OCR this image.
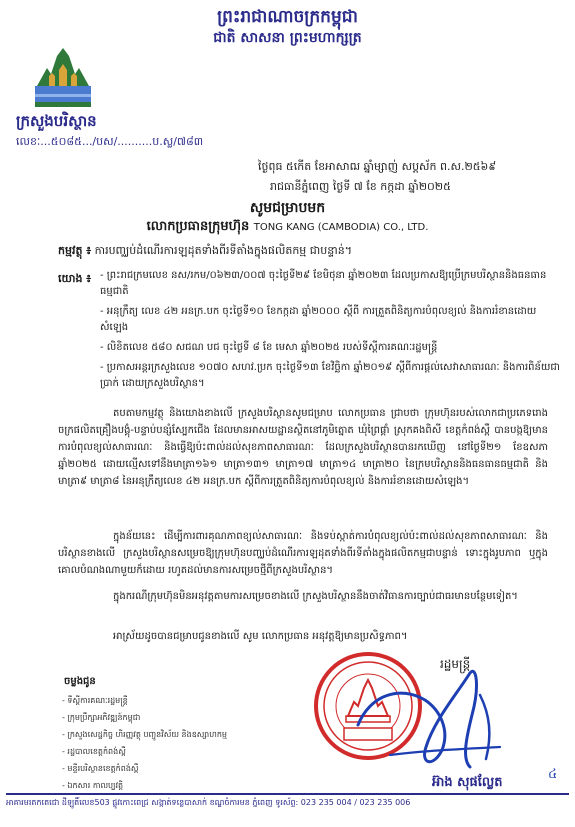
ព្រះរាជាណាចក្រកម្ពុជា
ជាតិ សាសនា ព្រះមហាក្សត្រ
ក្រសួងបរិស្ថាន
លេខៈ...៥០៨៥.../បស/..........ប.ស្ល/៧៨៣
ថ្ងៃពុធ ៥កើត ខែអាសាឍ ឆ្នាំម្សាញ់ សប្តស័ក ព.ស.២៥៦៩
រាជធានីភ្នំពេញ ថ្ងៃទី ៧ ខែ កក្កដា ឆ្នាំ២០២៥
សូមជម្រាបមក
លោកប្រធានក្រុមហ៊ុន TONG KANG (CAMBODIA) CO., LTD.
កម្មវត្ថុ ៖ ការបញ្ឈប់ដំណើរការឡដុតទាំងពីរទីតាំងក្នុងផលិតកម្ម ជាបន្ទាន់។
យោង ៖ - ព្រះរាជក្រមលេខ នស/រកម/០៦២៣/០០៧ ចុះថ្ងៃទី២៩ ខែមិថុនា ឆ្នាំ២០២៣ ដែលប្រកាសឱ្យប្រើក្រមបរិស្ថាននិងធនធានធម្មជាតិ
- អនុក្រឹត្យ លេខ ៤២ អនក្រ.បក ចុះថ្ងៃទី១០ ខែកក្កដា ឆ្នាំ២០០០ ស្តីពី ការត្រួតពិនិត្យការបំពុលខ្យល់ និងការរំខានដោយសំឡេង
- លិខិតលេខ ៥៨០ សជណ បជ ចុះថ្ងៃទី ៨ ខែ មេសា ឆ្នាំ២០២៥ របស់ទីស្តីការគណៈរដ្ឋមន្ត្រី
- ប្រកាសអន្តរក្រសួងលេខ ១០៧០ សហវ.ប្រក ចុះថ្ងៃទី១៣ ខែវិច្ឆិកា ឆ្នាំ២០១៩ ស្តីពីការផ្តល់សេវាសាធារណៈ និងការពិន័យជាប្រាក់ ដោយក្រសួងបរិស្ថាន។
តបតាមកម្មវត្ថុ និងយោងខាងលើ ក្រសួងបរិស្ថានសូមជម្រាប លោកប្រធាន ជ្រាបថា ក្រុមហ៊ុនរបស់លោកជាប្រភេទរោងចក្រផលិតគ្រឿងបង្គុំ-បន្ទាប់បន្សំស្បែកជើង ដែលមានអាសយដ្ឋានស្ថិតនៅភូមិត្នោត ឃុំព្រៃផ្គាំ ស្រុកគងពិសី ខេត្តកំពង់ស្ពឺ បានបង្កឱ្យមានការបំពុលខ្យល់សាធារណៈ និងធ្វើឱ្យប៉ះពាល់ដល់សុខភាពសាធារណៈ ដែលក្រសួងបរិស្ថានបានរកឃើញ នៅថ្ងៃទី២១ ខែឧសភា ឆ្នាំ២០២៥ ដោយល្មើសទៅនឹងមាត្រា១៦១ មាត្រា១៣១ មាត្រា១៧ មាត្រា១៤ មាត្រា២០ នៃក្រមបរិស្ថាននិងធនធានធម្មជាតិ និងមាត្រា៩ មាត្រា៨ នៃអនុក្រឹត្យលេខ ៤២ អនក្រ.បក ស្តីពីការត្រួតពិនិត្យការបំពុលខ្យល់ និងការរំខានដោយសំឡេង។
ក្នុងន័យនេះ ដើម្បីការពារគុណភាពខ្យល់សាធារណៈ និងទប់ស្កាត់ការបំពុលខ្យល់ប៉ះពាល់ដល់សុខភាពសាធារណៈ និងបរិស្ថានខាងលើ ក្រសួងបរិស្ថានសម្រេចឱ្យក្រុមហ៊ុនបញ្ឈប់ដំណើរការឡដុតទាំងពីរទីតាំងក្នុងផលិតកម្មជាបន្ទាន់ ទោះក្នុងរូបភាព ឬក្នុងគោលបំណងណាមួយក៏ដោយ រហូតដល់មានការសម្រេចថ្មីពីក្រសួងបរិស្ថាន។
ក្នុងករណីក្រុមហ៊ុនមិនអនុវត្តតាមការសម្រេចខាងលើ ក្រសួងបរិស្ថាននឹងចាត់វិធានការច្បាប់ជាធរមានបន្ថែមទៀត។
អាស្រ័យដូចបានជម្រាបជូនខាងលើ សូម លោកប្រធាន អនុវត្តឱ្យមានប្រសិទ្ធភាព។
ចម្លងជូន
- ទីស្តីការគណៈរដ្ឋមន្ត្រី
- ក្រុមប្រឹក្សាអភិវឌ្ឍន៍កម្ពុជា
- ក្រសួងសេដ្ឋកិច្ច ហិរញ្ញវត្ថុ បញ្ជូនវិស័យ និងឧស្សាហកម្ម
- រដ្ឋបាលខេត្តកំពង់ស្ពឺ
- មន្ទីរបរិស្ថានខេត្តកំពង់ស្ពឺ
- ឯកសារ កាលប្បវត្តិ
រដ្ឋមន្ត្រី
អ៊ាង សុផល្លែត
៤
អាគារមរតកតេជោ ដីឡូតិ៍លេខ503 ផ្លូវកោះពេជ្រ សង្កាត់ទន្លេបាសាក់ ខណ្ឌចំការមន ភ្នំពេញ ទូរស័ព្ទ: 023 235 004 / 023 235 006
